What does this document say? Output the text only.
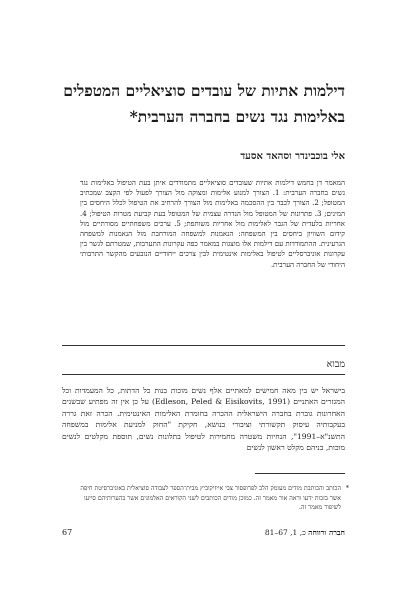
דילמות אתיות של עובדים סוציאליים המטפלים
באלימות נגד נשים בחברה הערבית*
אלי בוכבינדר וסהאד אסעד

המאמר דן בחמש דילמות אתיות שעובדים סוציאליים מתמודדים איתן בעת הטיפול באלימות נגד נשים בחברה הערבית: 1. הצורך למנוע אלימות ומצוקה מול הצורך לפעול לפי הקצב שמכתיב המטופל; 2. הצורך לכבד בין ההסכמה באלימות מול הצורך להרחיב את הטיפול לכלל היחסים בין המינים; 3. פתרונות של המטופל מול הנדרה עצמית של המטופל בעת קביעת מטרות הטיפול; 4. אחריות בלעדית של הגבר לאלימות מול אחריות משותפת; 5. ערכים משפחתיים מסורתיים מול קידום השוויון ביחסים בין המשפחה: הנאמנות למשפחה המורחבת מול הנאמנות למשפחה הגרעינית. ההתמודדות עם דילמות אלו מוצגות במאמר כפה עקרונות התערבות, שמטרתם לגשר בין עקרונות אוניברסליים לטיפול באלימות אינטימית לבין צרכים ייחודיים הנובעים מהקשר התרבותי היחודי של החברה הערבית.

מבוא

בישראל יש בין מאה חמישים למאתיים אלף נשים מוכות בנות כל הדתות, כל המעמדות וכל המגזרים האתניים (Edleson, Peled & Eisikovits, 1991) על כן אין זה מפתיע שבשנים האחרונות גוברת בחברה הישראלית ההכרה בחומרת האלימות האינטימית. הכרה זאת גררה בעקבותיה עיסוק תקשורתי וציבורי בנושא, חקיקת "החוק למניעת אלימות במשפחה התשנ"א–1991", הנחיות משטרה מחמירות לטיפול בתלונות נשים, תוספת מקלטים לנשים מוכות, בניהם מקלט ראשון לנשים

*
הכותב והכותבת מודים מעומק הלב לפרופסור צבי אייזיקוביץ מבית־הספר לעבודה סוציאלית באוניברסיטת חיפה אשר בזכות ידעו וראה אור מאמר זה. כמוכן מודים הכותבים לשני הקוראים האלמונים אשר בהערותיהם סייעו לשיפור מאמר זה.
67	חברה ורווחה כ, 1, 67–81
